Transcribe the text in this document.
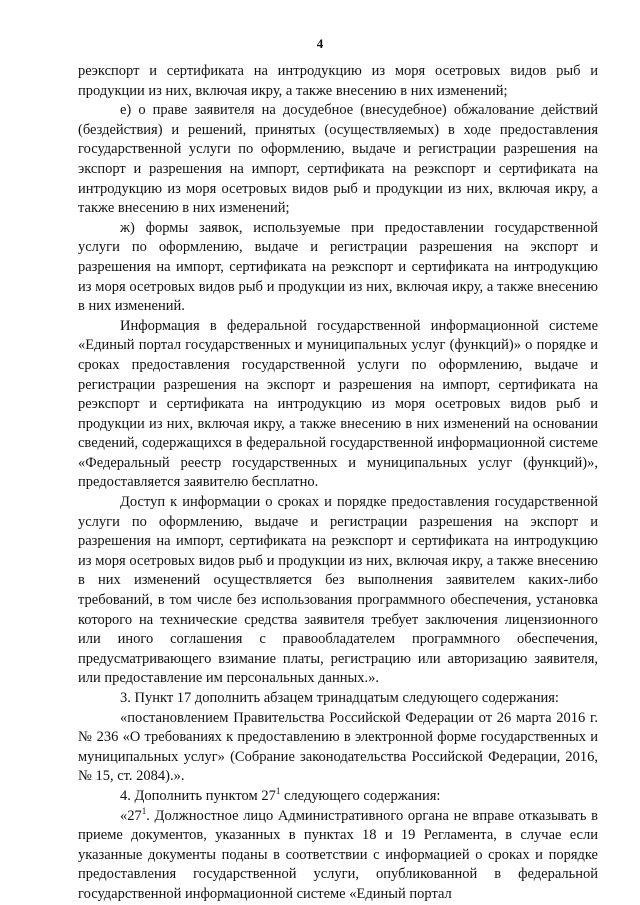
4

реэкспорт и сертификата на интродукцию из моря осетровых видов рыб и продукции из них, включая икру, а также внесению в них изменений;

е) о праве заявителя на досудебное (внесудебное) обжалование действий (бездействия) и решений, принятых (осуществляемых) в ходе предоставления государственной услуги по оформлению, выдаче и регистрации разрешения на экспорт и разрешения на импорт, сертификата на реэкспорт и сертификата на интродукцию из моря осетровых видов рыб и продукции из них, включая икру, а также внесению в них изменений;

ж) формы заявок, используемые при предоставлении государственной услуги по оформлению, выдаче и регистрации разрешения на экспорт и разрешения на импорт, сертификата на реэкспорт и сертификата на интродукцию из моря осетровых видов рыб и продукции из них, включая икру, а также внесению в них изменений.

Информация в федеральной государственной информационной системе «Единый портал государственных и муниципальных услуг (функций)» о порядке и сроках предоставления государственной услуги по оформлению, выдаче и регистрации разрешения на экспорт и разрешения на импорт, сертификата на реэкспорт и сертификата на интродукцию из моря осетровых видов рыб и продукции из них, включая икру, а также внесению в них изменений на основании сведений, содержащихся в федеральной государственной информационной системе «Федеральный реестр государственных и муниципальных услуг (функций)», предоставляется заявителю бесплатно.

Доступ к информации о сроках и порядке предоставления государственной услуги по оформлению, выдаче и регистрации разрешения на экспорт и разрешения на импорт, сертификата на реэкспорт и сертификата на интродукцию из моря осетровых видов рыб и продукции из них, включая икру, а также внесению в них изменений осуществляется без выполнения заявителем каких-либо требований, в том числе без использования программного обеспечения, установка которого на технические средства заявителя требует заключения лицензионного или иного соглашения с правообладателем программного обеспечения, предусматривающего взимание платы, регистрацию или авторизацию заявителя, или предоставление им персональных данных.».

3. Пункт 17 дополнить абзацем тринадцатым следующего содержания:

«постановлением Правительства Российской Федерации от 26 марта 2016 г. № 236 «О требованиях к предоставлению в электронной форме государственных и муниципальных услуг» (Собрание законодательства Российской Федерации, 2016, № 15, ст. 2084).».

4. Дополнить пунктом $27^1$ следующего содержания:

«$27^1$. Должностное лицо Административного органа не вправе отказывать в приеме документов, указанных в пунктах 18 и 19 Регламента, в случае если указанные документы поданы в соответствии с информацией о сроках и порядке предоставления государственной услуги, опубликованной в федеральной государственной информационной системе «Единый портал
